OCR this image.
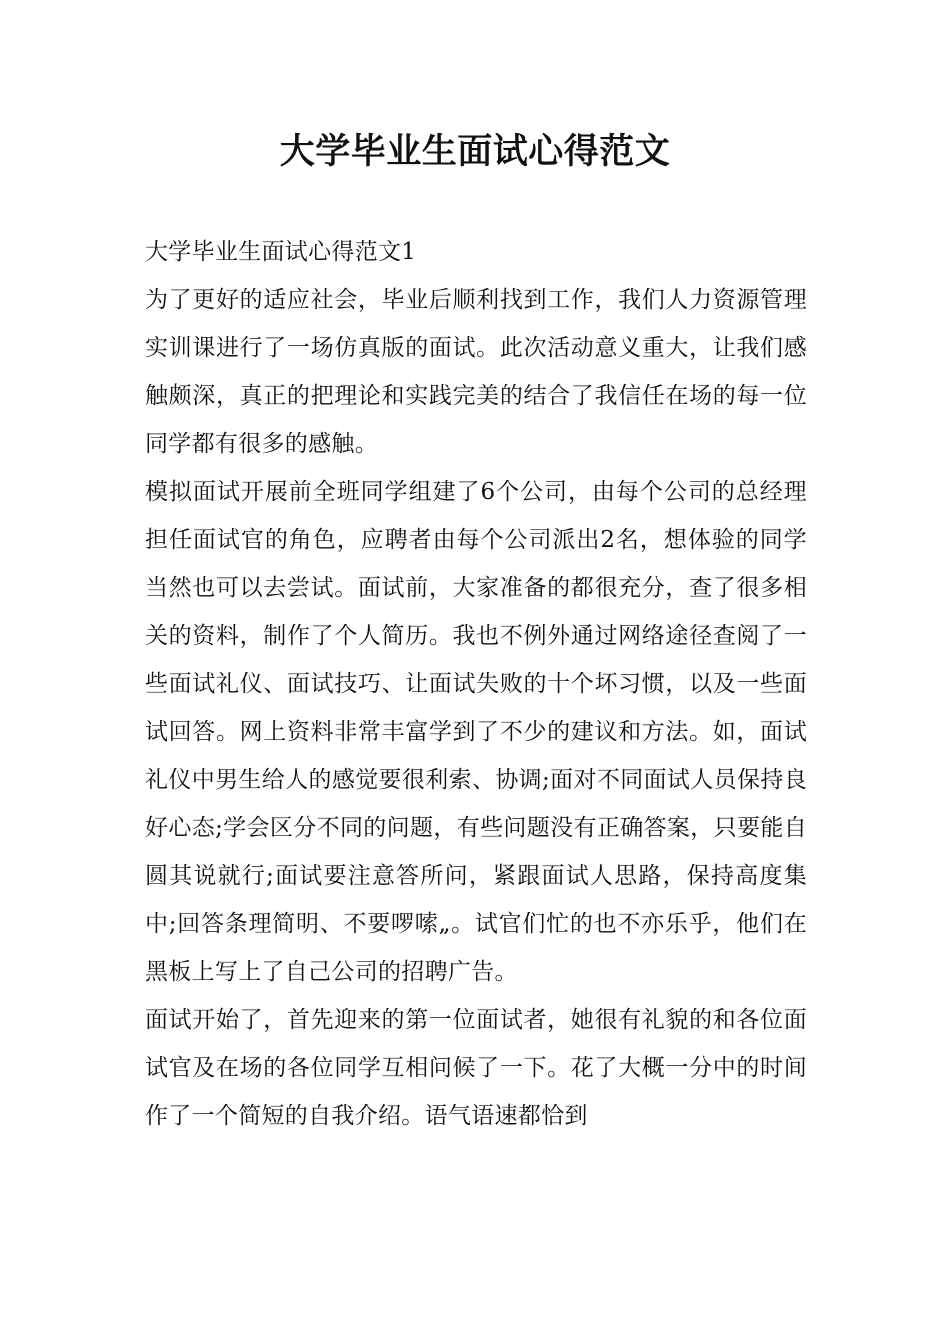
大学毕业生面试心得范文

大学毕业生面试心得范文1

为了更好的适应社会，毕业后顺利找到工作，我们人力资源管理实训课进行了一场仿真版的面试。此次活动意义重大，让我们感触颇深，真正的把理论和实践完美的结合了我信任在场的每一位同学都有很多的感触。

模拟面试开展前全班同学组建了6个公司，由每个公司的总经理担任面试官的角色，应聘者由每个公司派出2名，想体验的同学当然也可以去尝试。面试前，大家准备的都很充分，查了很多相关的资料，制作了个人简历。我也不例外通过网络途径查阅了一些面试礼仪、面试技巧、让面试失败的十个坏习惯，以及一些面试回答。网上资料非常丰富学到了不少的建议和方法。如，面试礼仪中男生给人的感觉要很利索、协调;面对不同面试人员保持良好心态;学会区分不同的问题，有些问题没有正确答案，只要能自圆其说就行;面试要注意答所问，紧跟面试人思路，保持高度集中;回答条理简明、不要啰嗦„。试官们忙的也不亦乐乎，他们在黑板上写上了自己公司的招聘广告。

面试开始了，首先迎来的第一位面试者，她很有礼貌的和各位面试官及在场的各位同学互相问候了一下。花了大概一分中的时间作了一个简短的自我介绍。语气语速都恰到
